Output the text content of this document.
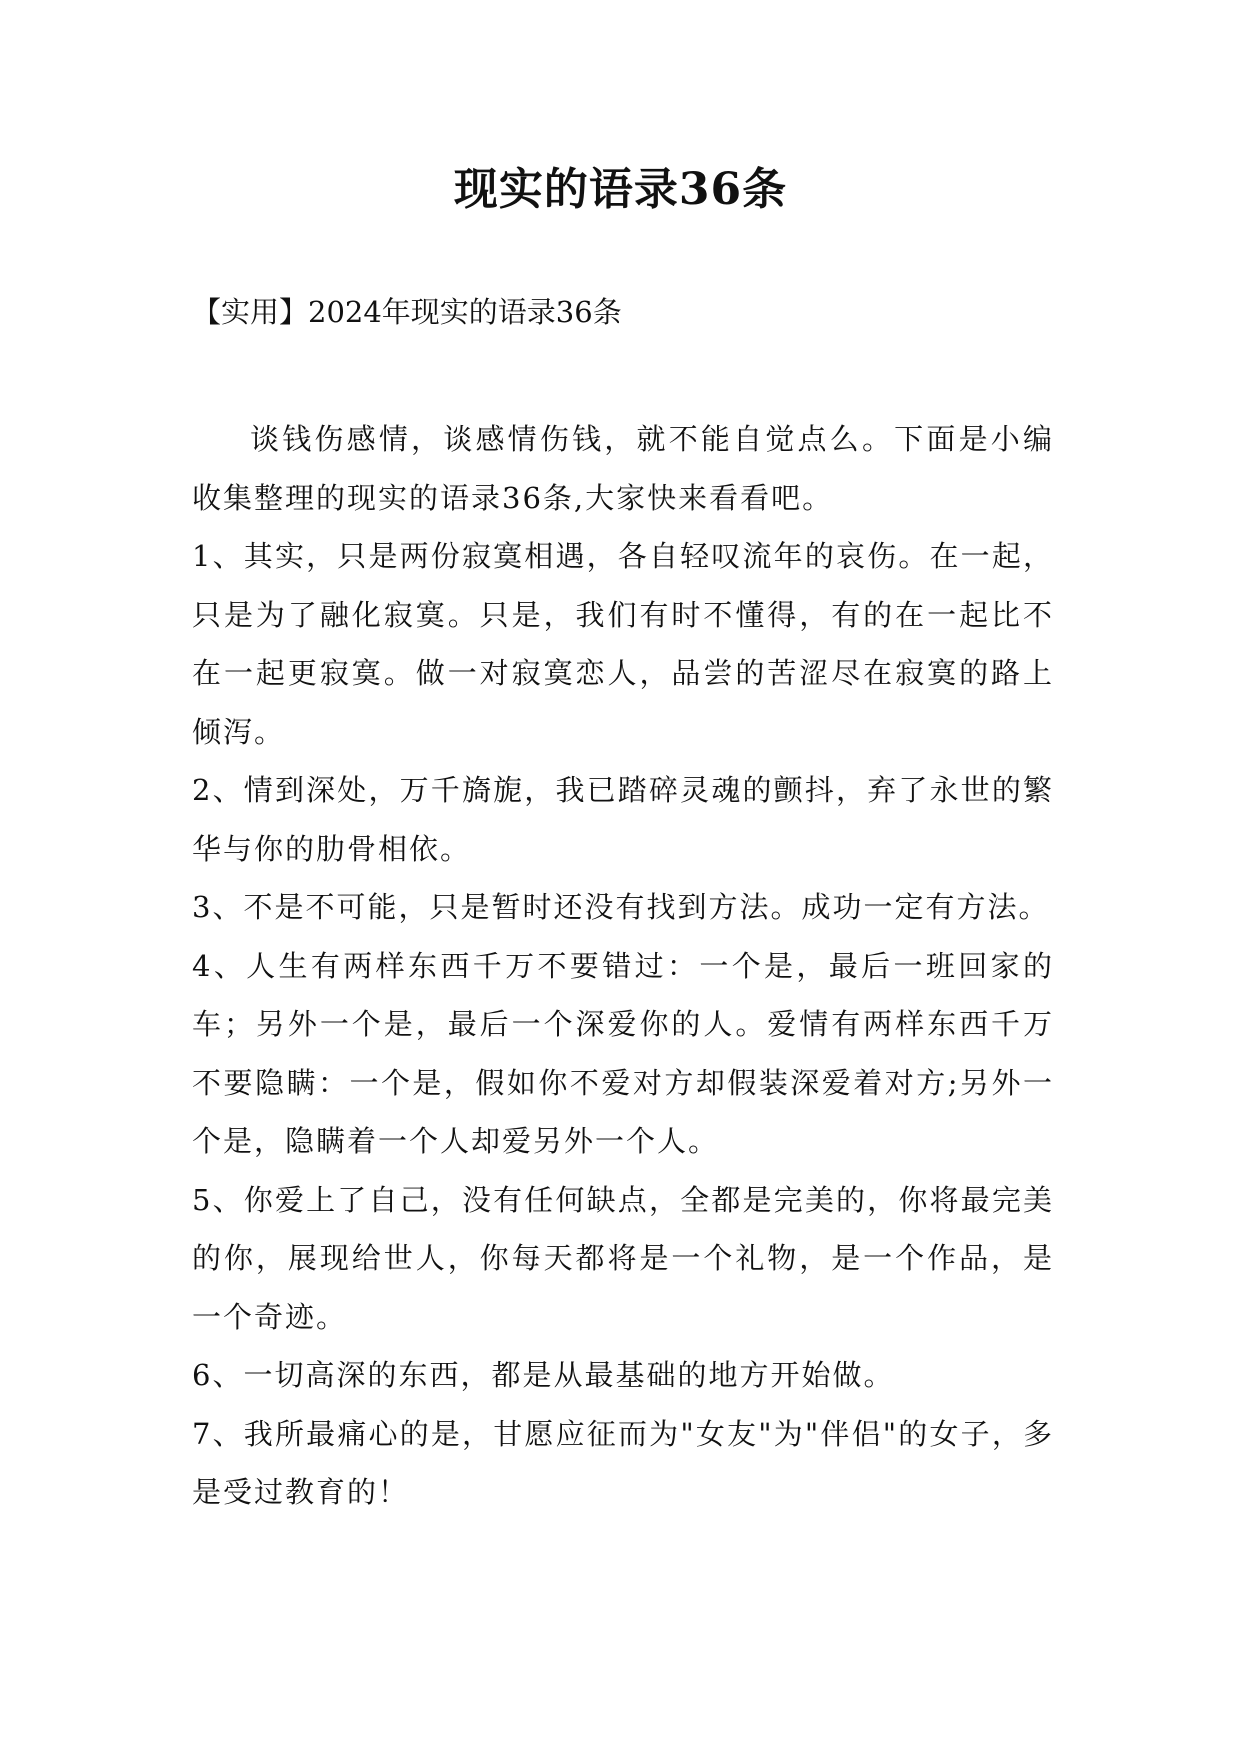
现实的语录36条
【实用】2024年现实的语录36条

谈钱伤感情，谈感情伤钱，就不能自觉点么。下面是小编收集整理的现实的语录36条,大家快来看看吧。

1、其实，只是两份寂寞相遇，各自轻叹流年的哀伤。在一起，只是为了融化寂寞。只是，我们有时不懂得，有的在一起比不在一起更寂寞。做一对寂寞恋人，品尝的苦涩尽在寂寞的路上倾泻。

2、情到深处，万千旖旎，我已踏碎灵魂的颤抖，弃了永世的繁华与你的肋骨相依。

3、不是不可能，只是暂时还没有找到方法。成功一定有方法。

4、人生有两样东西千万不要错过：一个是，最后一班回家的车；另外一个是，最后一个深爱你的人。爱情有两样东西千万不要隐瞒：一个是，假如你不爱对方却假装深爱着对方;另外一个是，隐瞒着一个人却爱另外一个人。

5、你爱上了自己，没有任何缺点，全都是完美的，你将最完美的你，展现给世人，你每天都将是一个礼物，是一个作品，是一个奇迹。

6、一切高深的东西，都是从最基础的地方开始做。

7、我所最痛心的是，甘愿应征而为"女友"为"伴侣"的女子，多是受过教育的！
